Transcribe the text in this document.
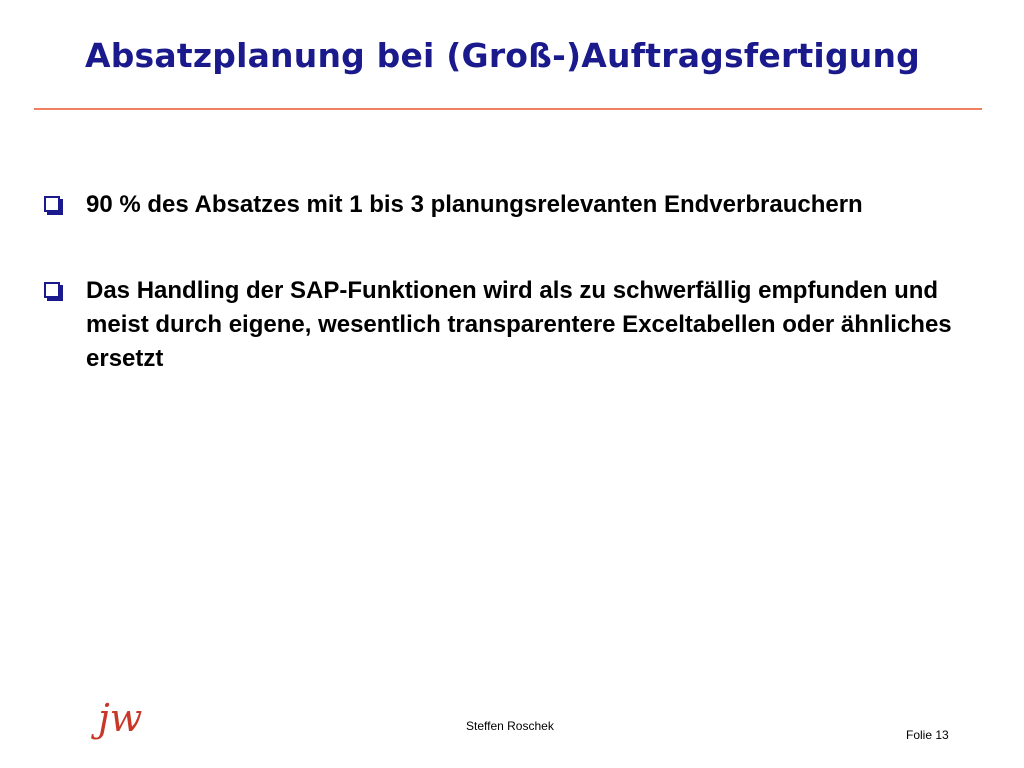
Absatzplanung bei (Groß-)Auftragsfertigung
90 % des Absatzes mit 1 bis 3 planungsrelevanten Endverbrauchern
Das Handling der SAP-Funktionen wird als zu schwerfällig empfunden und meist durch eigene, wesentlich transparentere Exceltabellen oder ähnliches ersetzt
jw	Steffen Roschek
Folie 13
